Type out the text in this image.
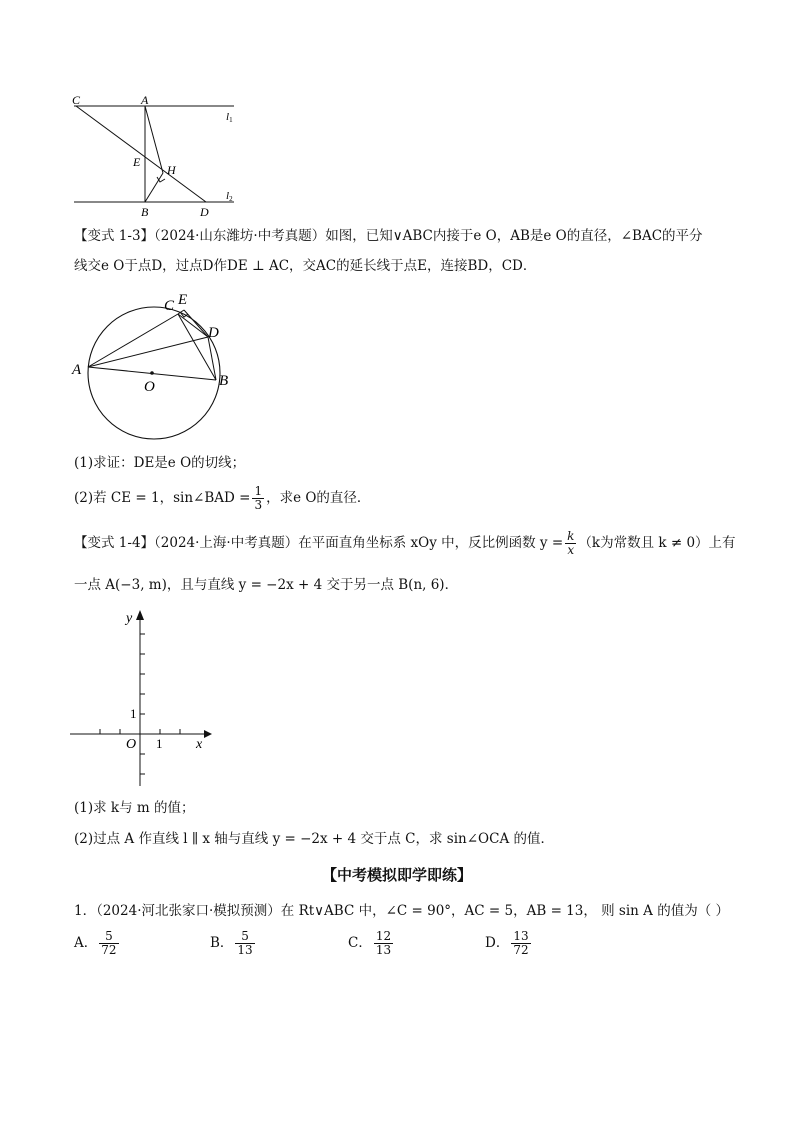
C	A
l1
E
H
l2
B	D
【变式 1-3】（2024·山东潍坊·中考真题）如图，已知∨ABC内接于e O，AB是e O的直径，∠BAC的平分
线交e O于点D，过点D作DE ⊥ AC，交AC的延长线于点E，连接BD，CD．
C E
D
A
O	B
(1)求证：DE是e O的切线；
(2)若 CE = 1，sin∠BAD = $\frac{1}{3}$ ，求e O的直径．
【变式 1-4】（2024·上海·中考真题）在平面直角坐标系 xOy 中，反比例函数 $y = \frac{k}{x} (k$为常数且 k ≠ 0）上有
一点 A(−3, m)，且与直线 y = −2x + 4 交于另一点 B(n, 6)．
y
1
O 1 x
(1)求 k与 m 的值；
(2)过点 A 作直线 l ∥ x 轴与直线 y = −2x + 4 交于点 C，求 sin∠OCA 的值．
【中考模拟即学即练】
1．（2024·河北张家口·模拟预测）在 Rt∨ABC 中，∠C = 90°，AC = 5，AB = 13， 则 sin A 的值为（ ）
A． $\frac{5}{72}$	B． $\frac{5}{13}$	C． $\frac{12}{13}$	D． $\frac{13}{72}$
